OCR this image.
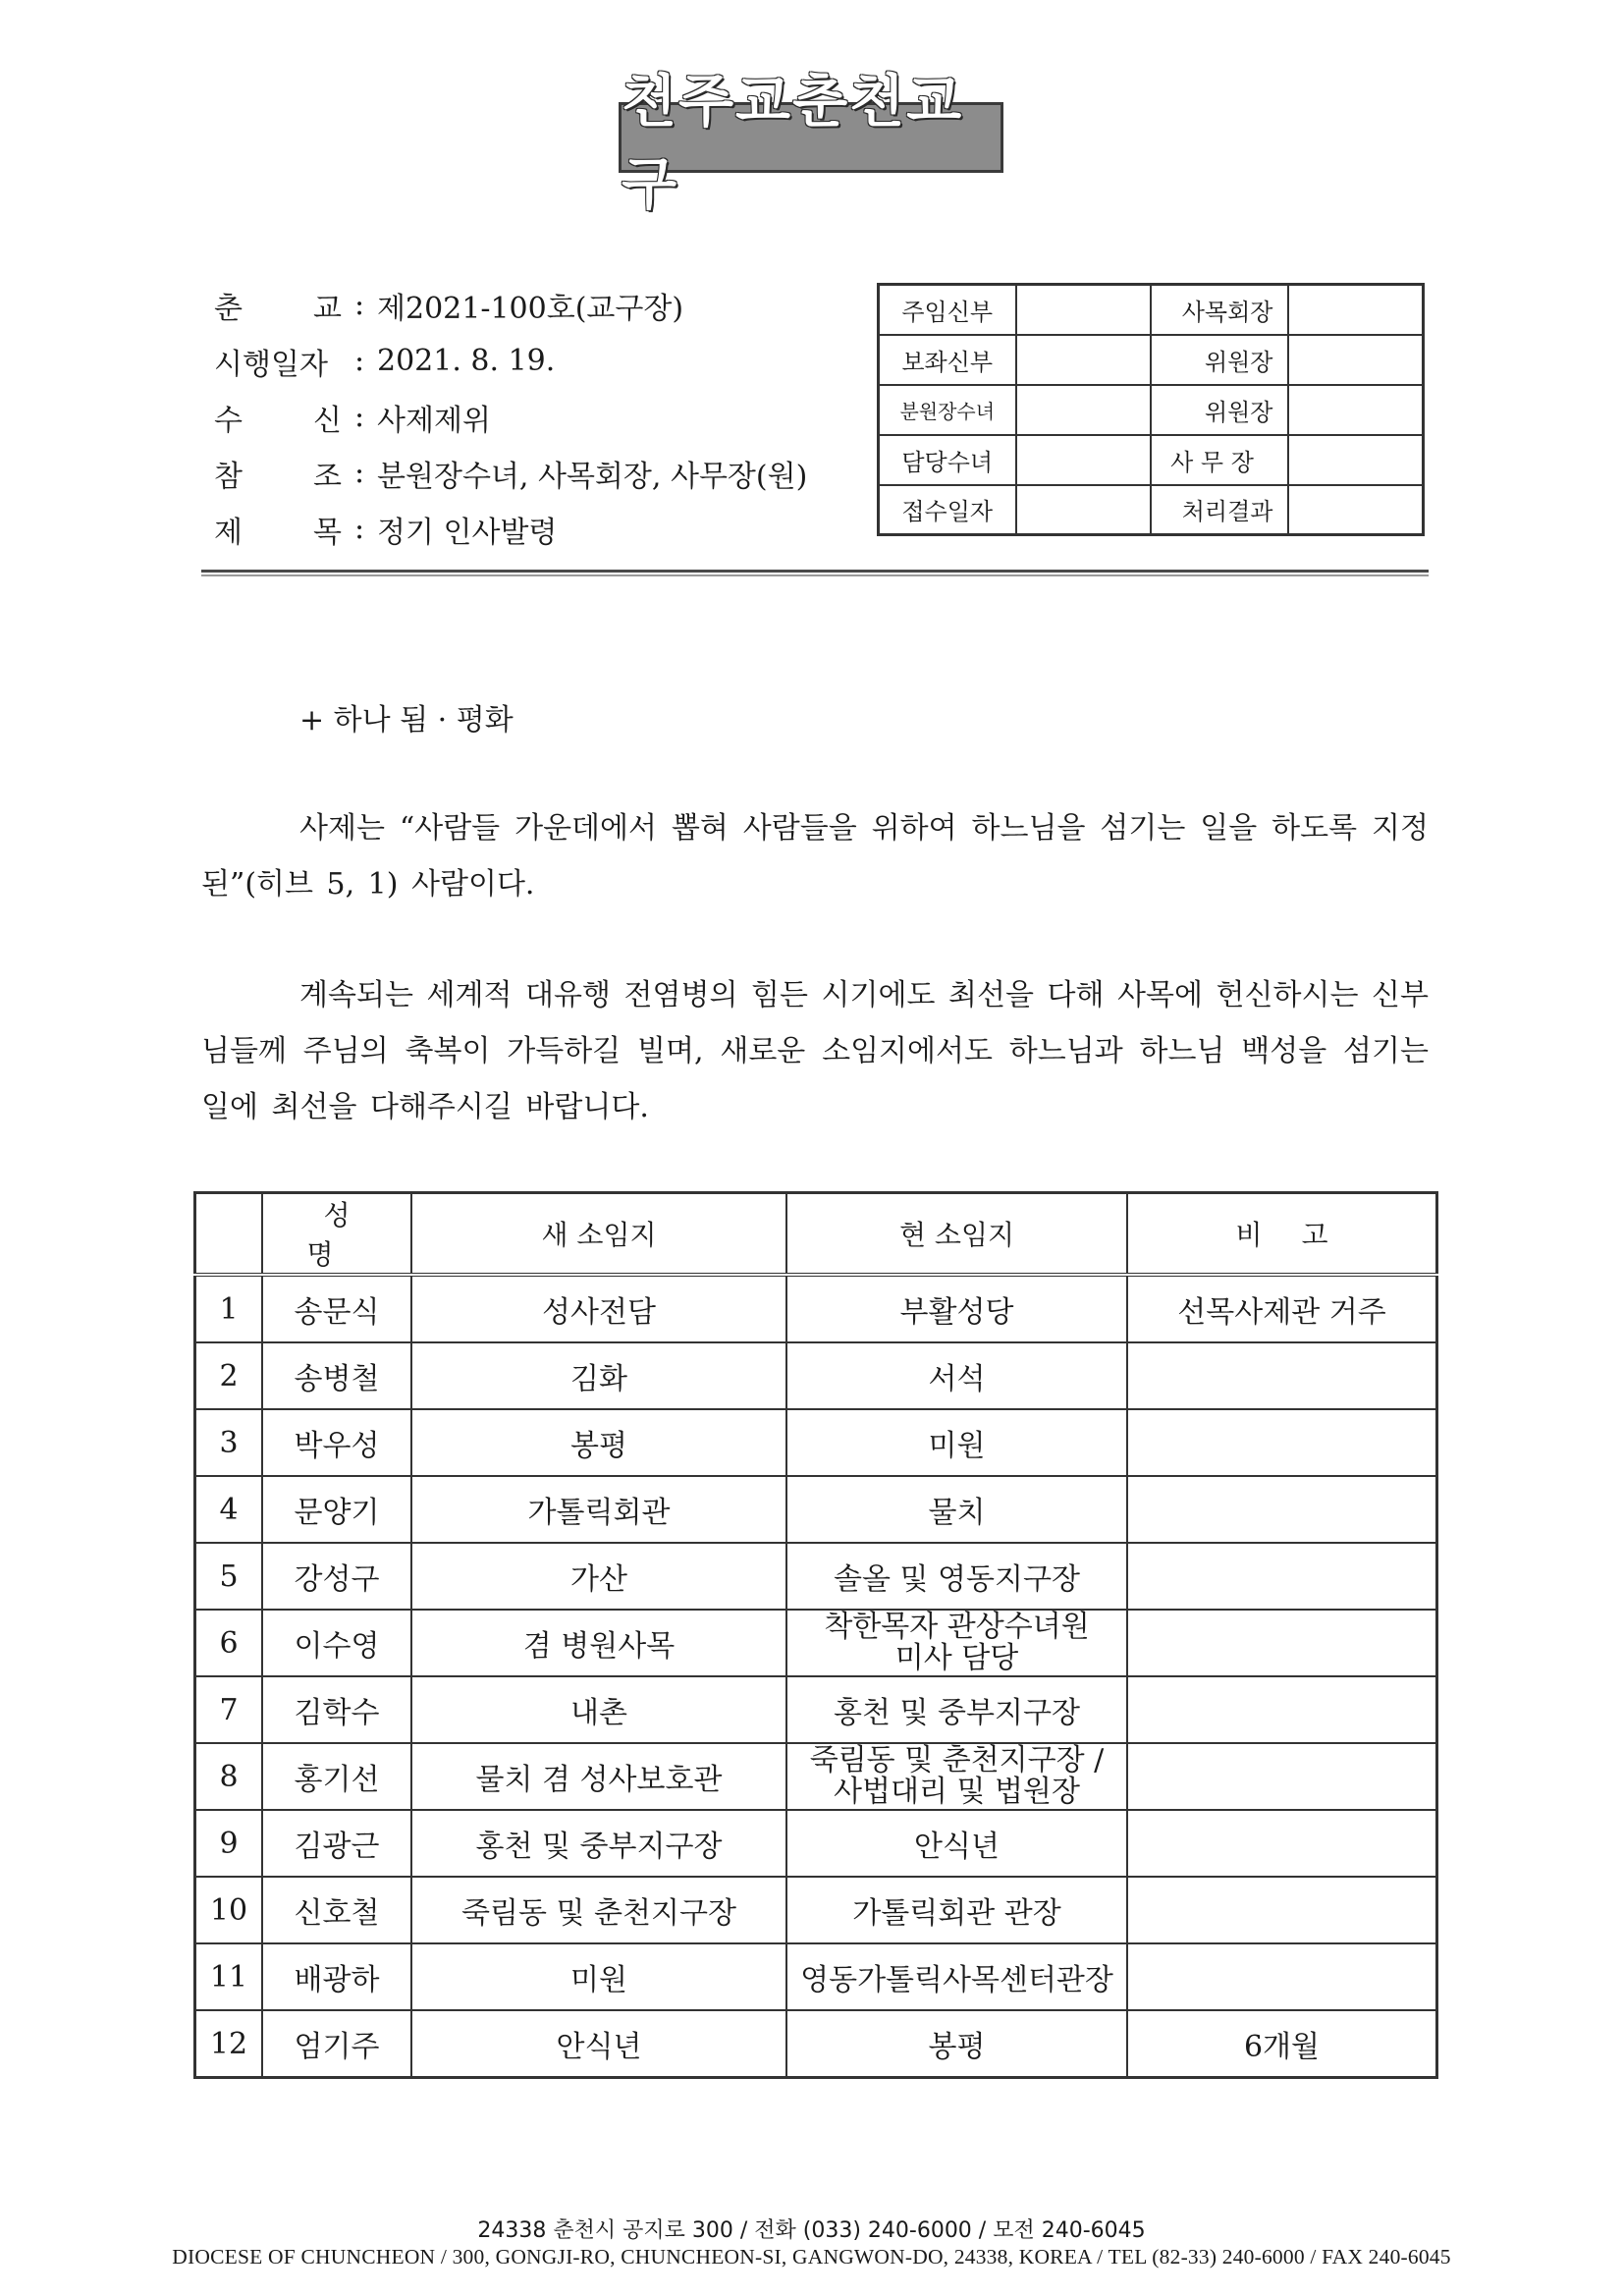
천주교춘천교구
춘 교 : 제2021-100호(교구장)
시행일자 : 2021. 8. 19.
수 신 : 사제제위
참 조 : 분원장수녀, 사목회장, 사무장(원)
제 목 : 정기 인사발령
주임신부		사목회장	
보좌신부		위원장	
분원장수녀		위원장	
담당수녀		사 무 장	
접수일자		처리결과	
+ 하나 됨 · 평화
사제는 “사람들 가운데에서 뽑혀 사람들을 위하여 하느님을 섬기는 일을 하도록 지정된”(히브 5, 1) 사람이다.
계속되는 세계적 대유행 전염병의 힘든 시기에도 최선을 다해 사목에 헌신하시는 신부님들께 주님의 축복이 가득하길 빌며, 새로운 소임지에서도 하느님과 하느님 백성을 섬기는 일에 최선을 다해주시길 바랍니다.
	성명	새 소임지	현 소임지	비고
1	송문식	성사전담	부활성당	선목사제관 거주
2	송병철	김화	서석	
3	박우성	봉평	미원	
4	문양기	가톨릭회관	물치	
5	강성구	가산	솔올 및 영동지구장	
6	이수영	겸 병원사목	착한목자 관상수녀원
미사 담당	

7	김학수	내촌	홍천 및 중부지구장	
8	홍기선	물치 겸 성사보호관	죽림동 및 춘천지구장 /
사법대리 및 법원장	

9	김광근	홍천 및 중부지구장	안식년	
10	신호철	죽림동 및 춘천지구장	가톨릭회관 관장	
11	배광하	미원	영동가톨릭사목센터관장	
12	엄기주	안식년	봉평	6개월
24338 춘천시 공지로 300 / 전화 (033) 240-6000 / 모전 240-6045
DIOCESE OF CHUNCHEON / 300, GONGJI-RO, CHUNCHEON-SI, GANGWON-DO, 24338, KOREA / TEL (82-33) 240-6000 / FAX 240-6045
